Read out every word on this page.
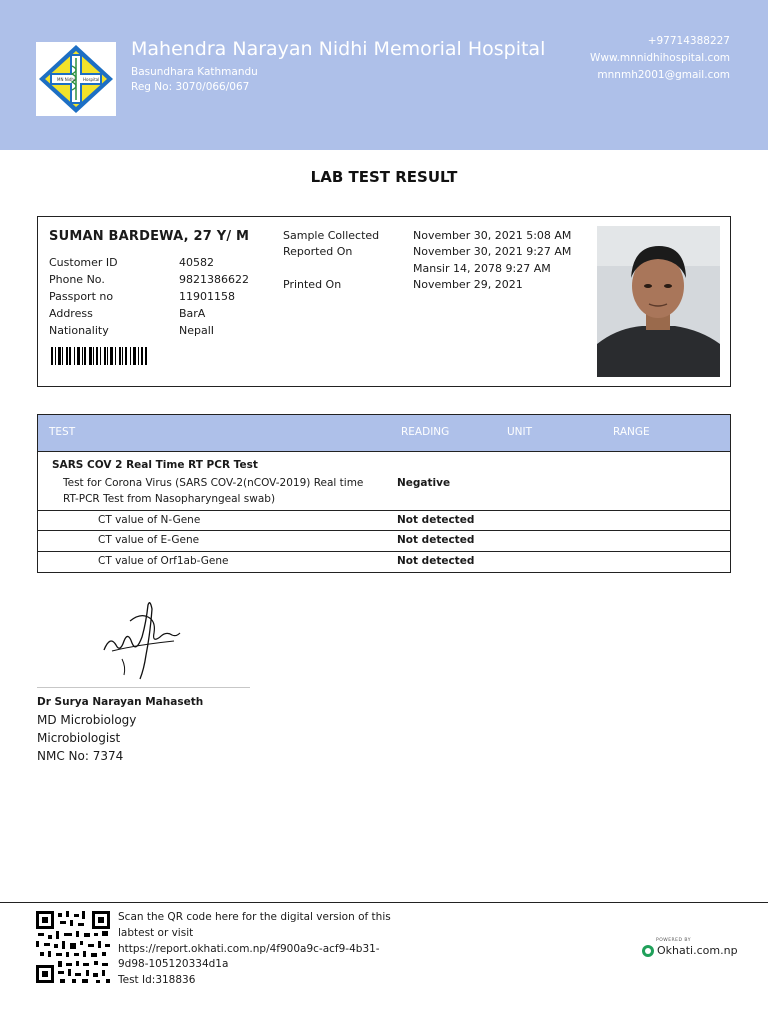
MN Nidhi Hospital
Mahendra Narayan Nidhi Memorial Hospital
Basundhara Kathmandu
Reg No: 3070/066/067
+97714388227
Www.mnnidhihospital.com
mnnmh2001@gmail.com
LAB TEST RESULT
SUMAN BARDEWA, 27 Y/ M
Customer ID	40582
Phone No.	9821386622
Passport no	11901158
Address	BarA
Nationality	NepalI
Sample Collected	November 30, 2021 5:08 AM
Reported On	November 30, 2021 9:27 AM
Mansir 14, 2078 9:27 AM
Printed On	November 29, 2021
TEST	READING	UNIT	RANGE
SARS COV 2 Real Time RT PCR Test
Test for Corona Virus (SARS COV-2(nCOV-2019) Real time
RT-PCR Test from Nasopharyngeal swab)
Negative
CT value of N-Gene	Not detected
CT value of E-Gene	Not detected
CT value of Orf1ab-Gene	Not detected
Dr Surya Narayan Mahaseth
MD Microbiology
Microbiologist
NMC No: 7374
Scan the QR code here for the digital version of this
labtest or visit
https://report.okhati.com.np/4f900a9c-acf9-4b31-
9d98-105120334d1a
Test Id:318836
POWERED BY
Okhati.com.np
